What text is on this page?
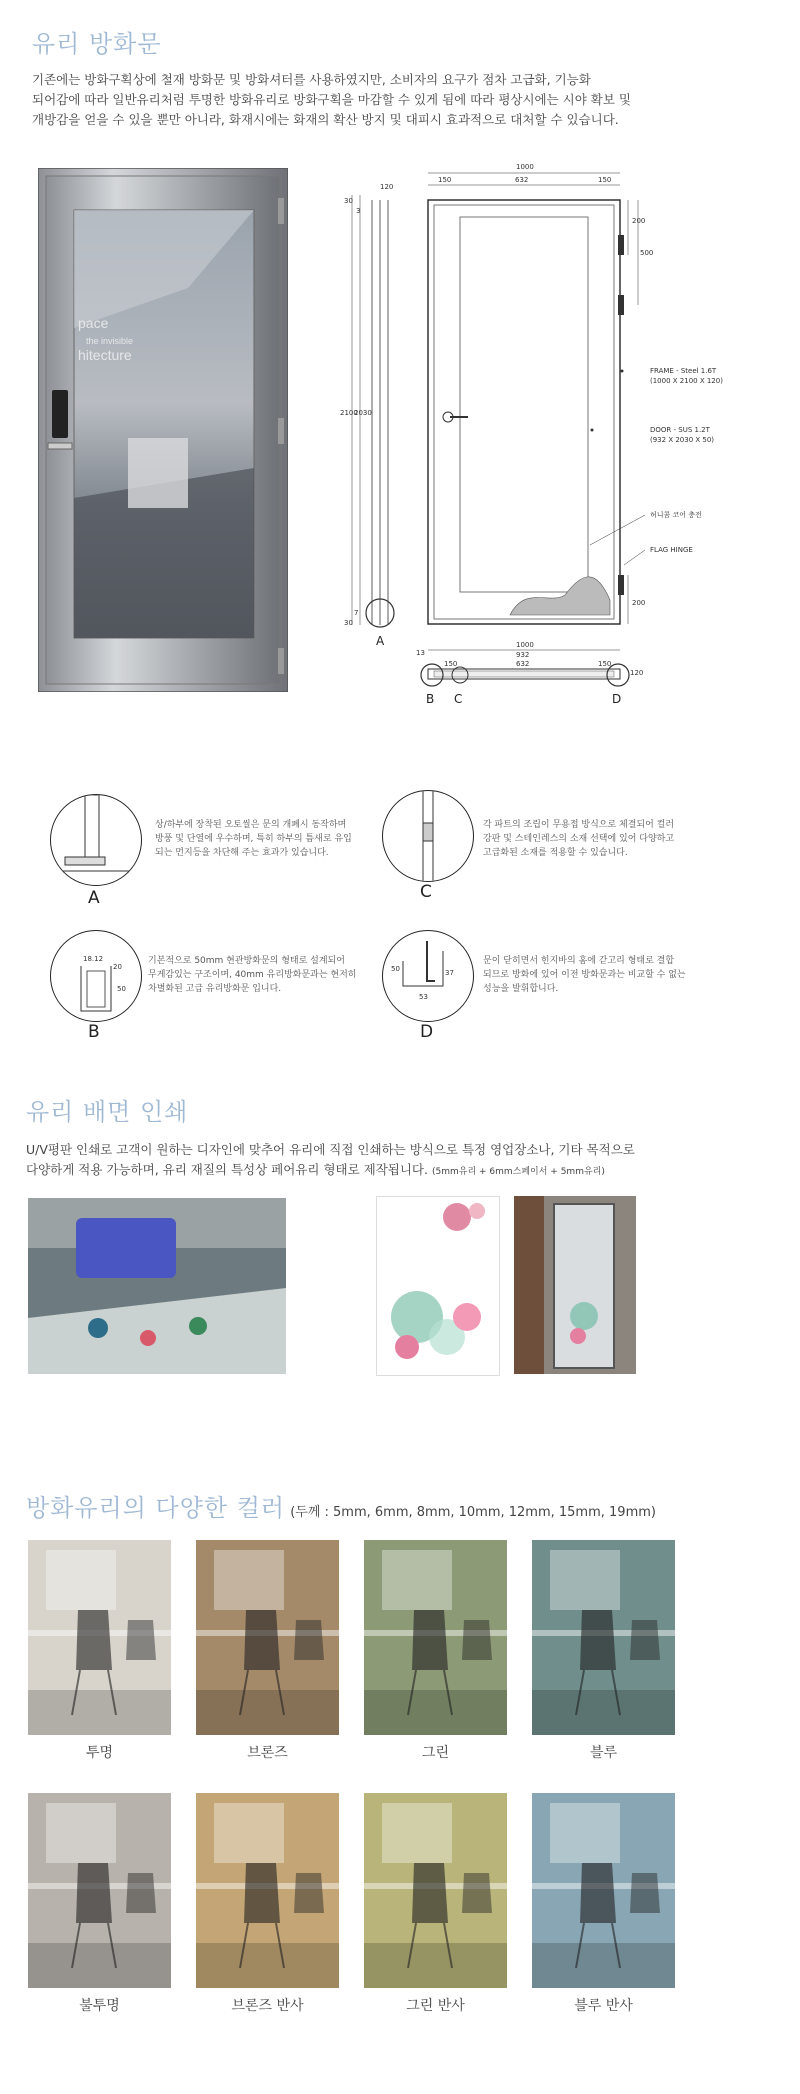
유리 방화문
기존에는 방화구획상에 철재 방화문 및 방화셔터를 사용하였지만, 소비자의 요구가 점차 고급화, 기능화
되어감에 따라 일반유리처럼 투명한 방화유리로 방화구획을 마감할 수 있게 됨에 따라 평상시에는 시야 확보 및
개방감을 얻을 수 있을 뿐만 아니라, 화재시에는 화재의 확산 방지 및 대피시 효과적으로 대처할 수 있습니다.
pace
the invisible
hitecture
120
30
3
2100
2030
7
30
A
1000
150	632	150
200
500
200
FRAME - Steel 1.6T
(1000 X 2100 X 120)
DOOR - SUS 1.2T
(932 X 2030 X 50)
허니콤 코어 충전
FLAG HINGE
1000
932
632
13
150	150
120
B C	D
A
상/하부에 장착된 오토씰은 문의 개폐시 동작하며
방풍 및 단열에 우수하며, 특히 하부의 틈새로 유입
되는 먼지등을 차단해 주는 효과가 있습니다.
C
각 파트의 조립이 무용접 방식으로 체결되어 컬러
강판 및 스테인레스의 소재 선택에 있어 다양하고
고급화된 소재를 적용할 수 있습니다.
18.12
20
50
B
기본적으로 50mm 현관방화문의 형태로 설계되어
무게감있는 구조이며, 40mm 유리방화문과는 현저히
차별화된 고급 유리방화문 입니다.
50	37
53
D
문이 닫히면서 힌지바의 홈에 갇고리 형태로 결합
되므로 방화에 있어 이전 방화문과는 비교할 수 없는
성능을 발휘합니다.
유리 배면 인쇄
U/V평판 인쇄로 고객이 원하는 디자인에 맞추어 유리에 직접 인쇄하는 방식으로 특정 영업장소나, 기타 목적으로
다양하게 적용 가능하며, 유리 재질의 특성상 페어유리 형태로 제작됩니다. (5mm유리 + 6mm스페이서 + 5mm유리)
방화유리의 다양한 컬러 (두께 : 5mm, 6mm, 8mm, 10mm, 12mm, 15mm, 19mm)
투명	브론즈	그린	블루
불투명	브론즈 반사	그린 반사	블루 반사
